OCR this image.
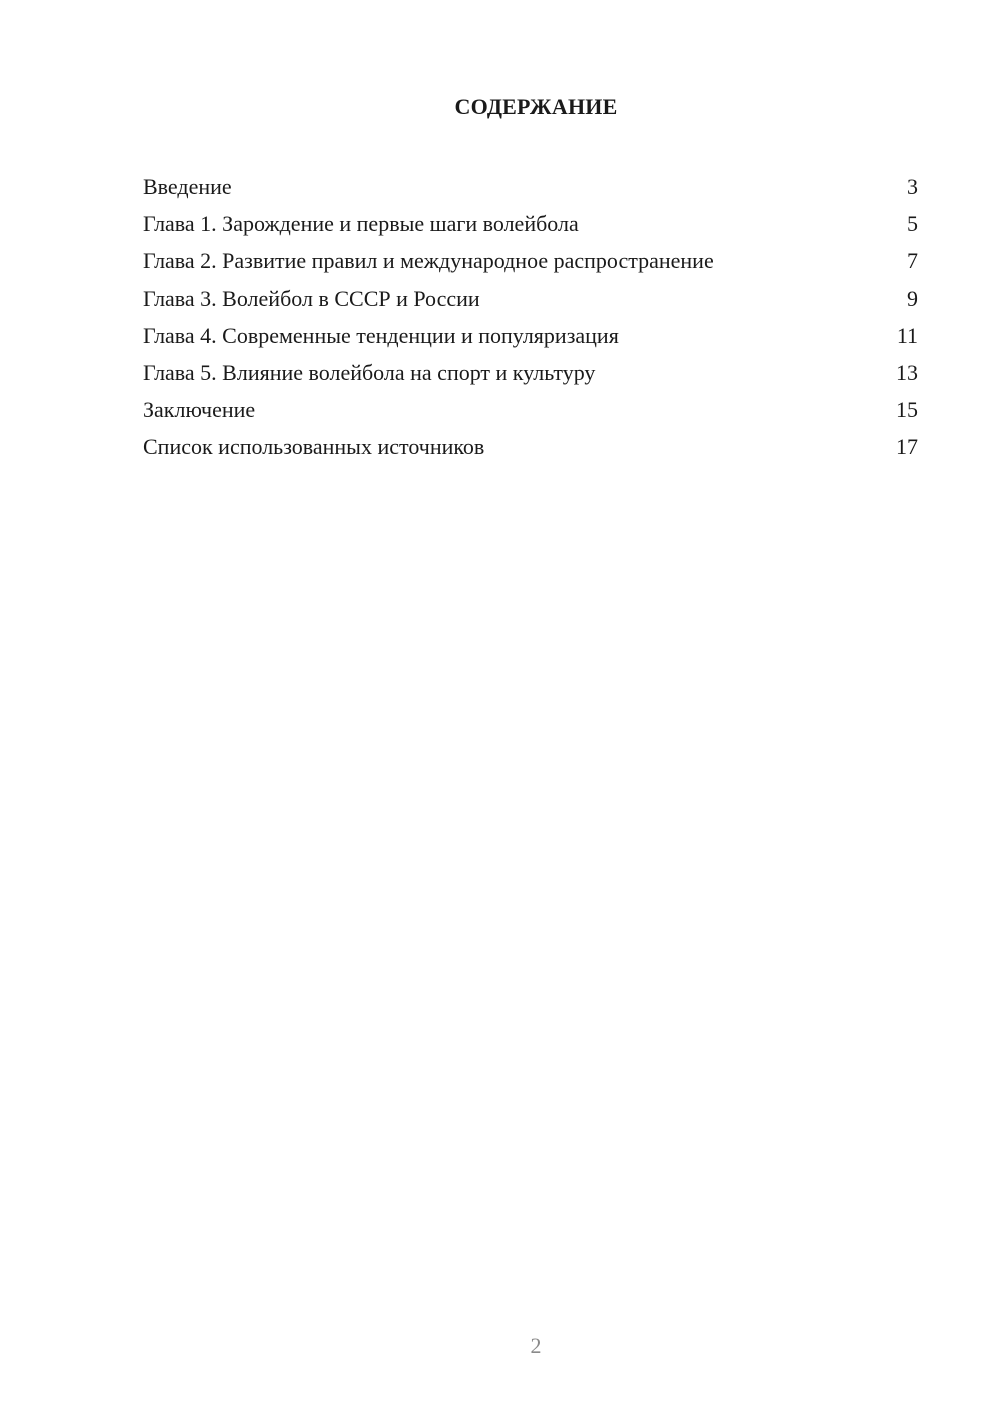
СОДЕРЖАНИЕ
Введение	3
Глава 1. Зарождение и первые шаги волейбола	5
Глава 2. Развитие правил и международное распространение	7
Глава 3. Волейбол в СССР и России	9
Глава 4. Современные тенденции и популяризация	11
Глава 5. Влияние волейбола на спорт и культуру	13
Заключение	15
Список использованных источников	17
2
